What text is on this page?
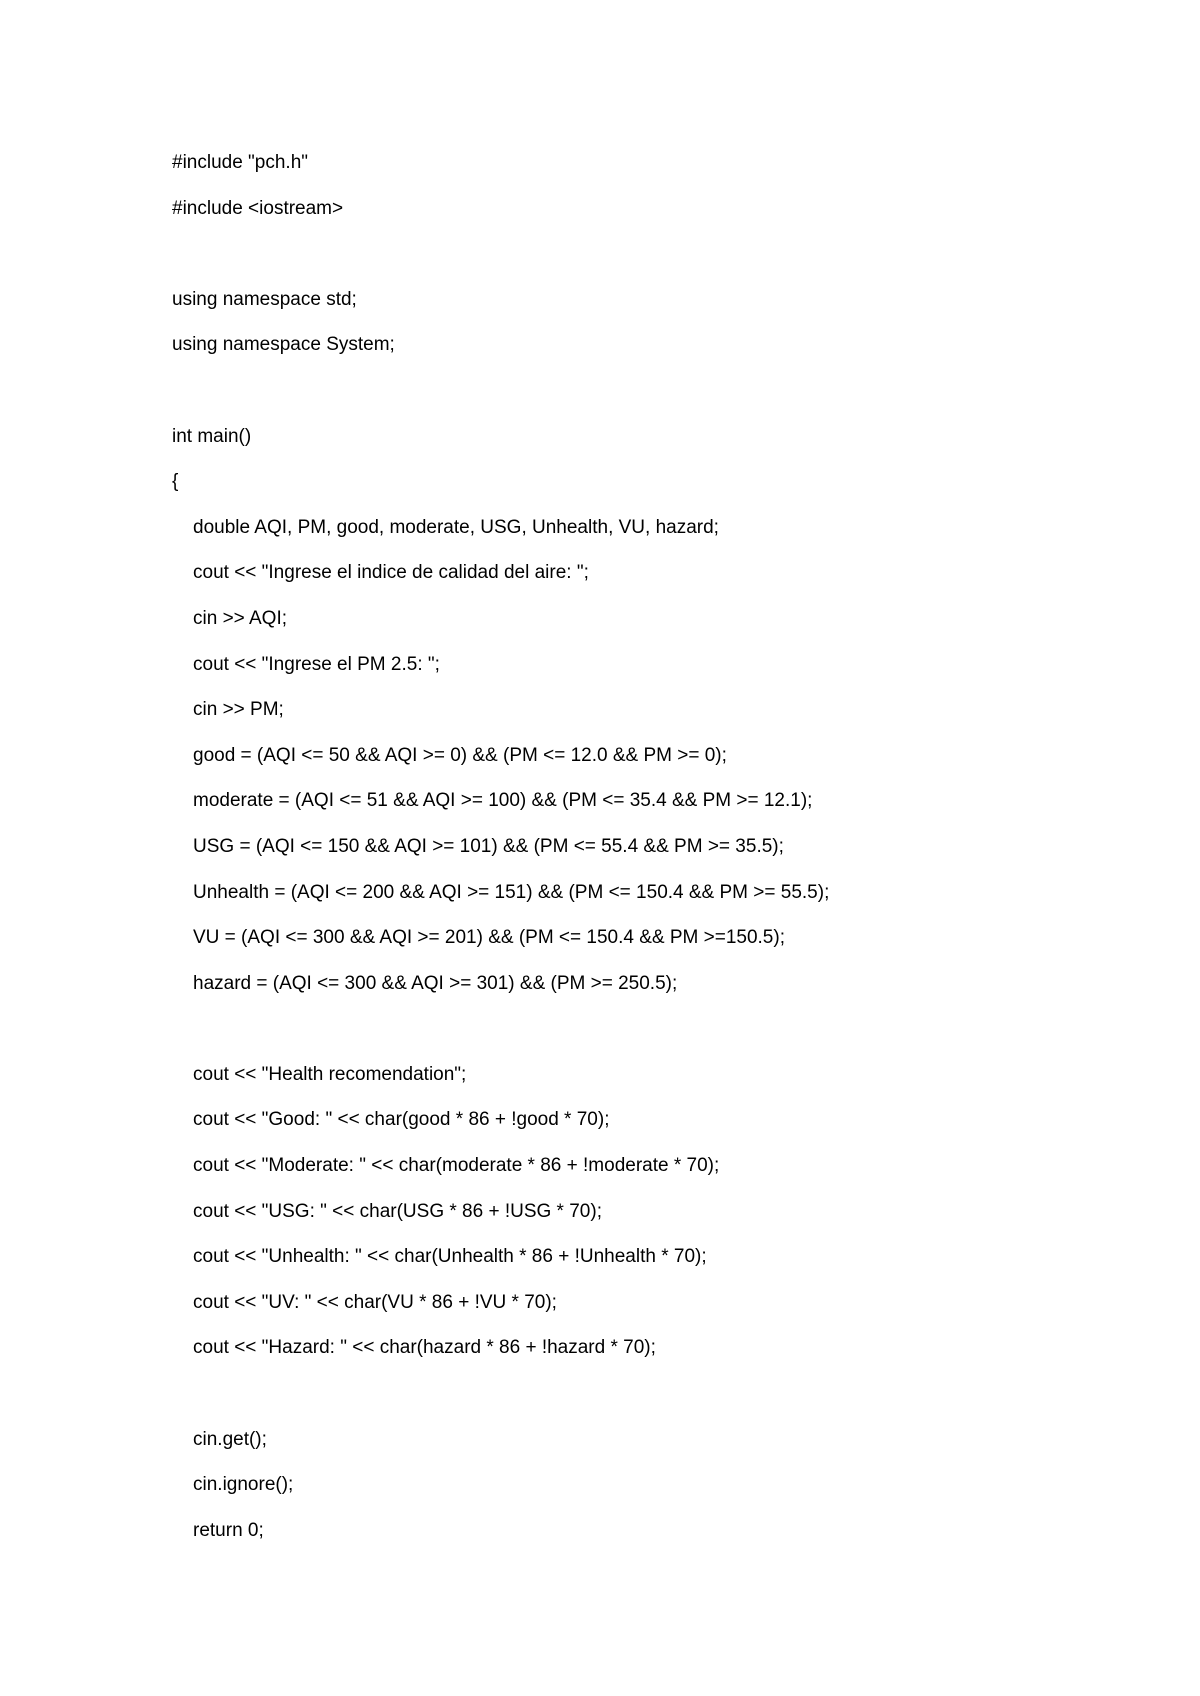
#include "pch.h"
#include <iostream>
using namespace std;
using namespace System;
int main()
{
double AQI, PM, good, moderate, USG, Unhealth, VU, hazard;
cout << "Ingrese el indice de calidad del aire: ";
cin >> AQI;
cout << "Ingrese el PM 2.5: ";
cin >> PM;
good = (AQI <= 50 && AQI >= 0) && (PM <= 12.0 && PM >= 0);
moderate = (AQI <= 51 && AQI >= 100) && (PM <= 35.4 && PM >= 12.1);
USG = (AQI <= 150 && AQI >= 101) && (PM <= 55.4 && PM >= 35.5);
Unhealth = (AQI <= 200 && AQI >= 151) && (PM <= 150.4 && PM >= 55.5);
VU = (AQI <= 300 && AQI >= 201) && (PM <= 150.4 && PM >=150.5);
hazard = (AQI <= 300 && AQI >= 301) && (PM >= 250.5);
cout << "Health recomendation";
cout << "Good: " << char(good * 86 + !good * 70);
cout << "Moderate: " << char(moderate * 86 + !moderate * 70);
cout << "USG: " << char(USG * 86 + !USG * 70);
cout << "Unhealth: " << char(Unhealth * 86 + !Unhealth * 70);
cout << "UV: " << char(VU * 86 + !VU * 70);
cout << "Hazard: " << char(hazard * 86 + !hazard * 70);
cin.get();
cin.ignore();
return 0;
